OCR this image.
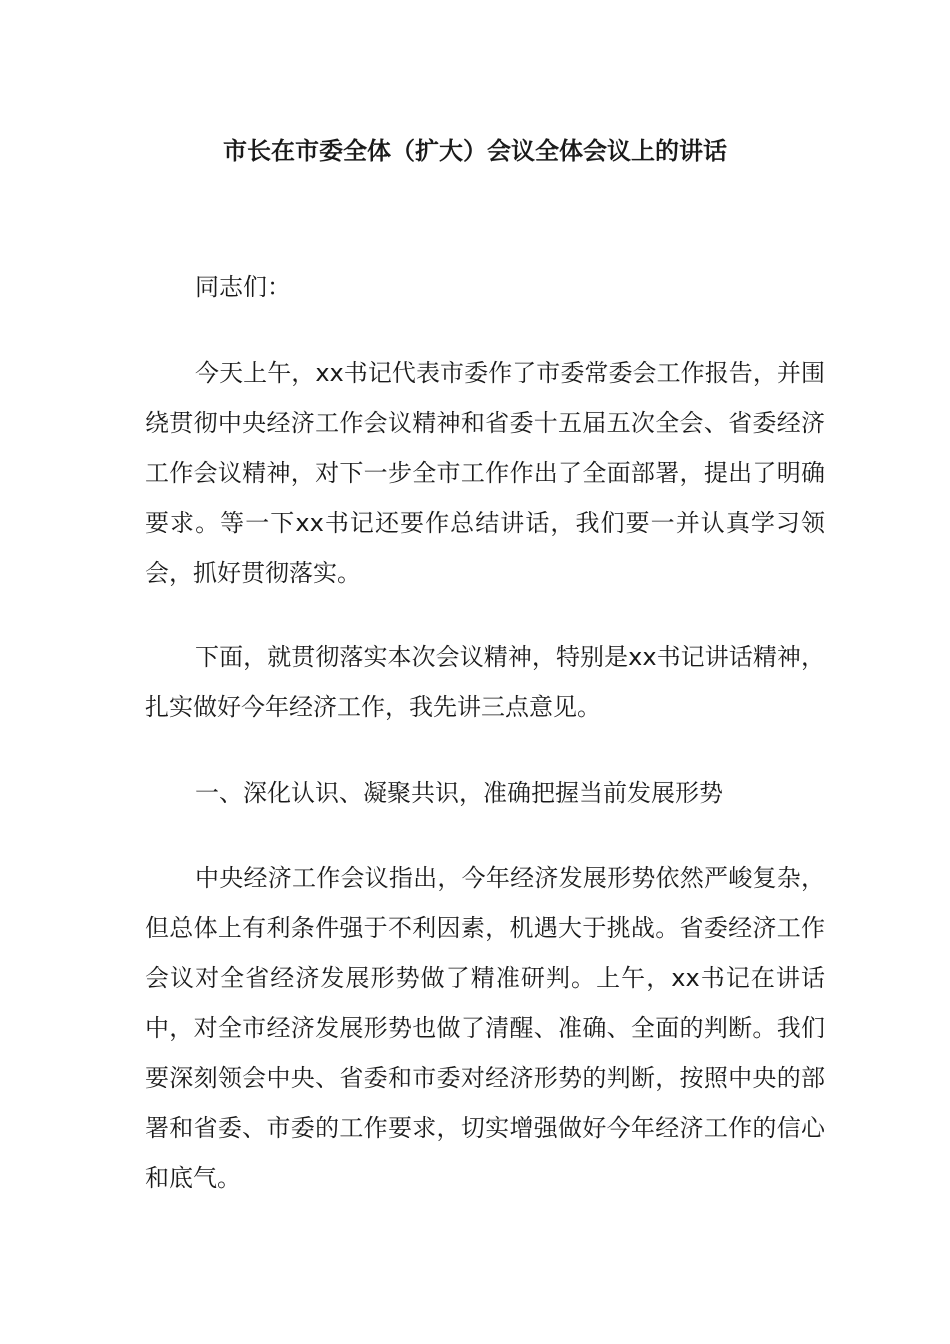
市长在市委全体（扩大）会议全体会议上的讲话

同志们：

今天上午，xx书记代表市委作了市委常委会工作报告，并围绕贯彻中央经济工作会议精神和省委十五届五次全会、省委经济工作会议精神，对下一步全市工作作出了全面部署，提出了明确要求。等一下xx书记还要作总结讲话，我们要一并认真学习领会，抓好贯彻落实。

下面，就贯彻落实本次会议精神，特别是xx书记讲话精神，扎实做好今年经济工作，我先讲三点意见。

一、深化认识、凝聚共识，准确把握当前发展形势

中央经济工作会议指出，今年经济发展形势依然严峻复杂，但总体上有利条件强于不利因素，机遇大于挑战。省委经济工作会议对全省经济发展形势做了精准研判。上午，xx书记在讲话中，对全市经济发展形势也做了清醒、准确、全面的判断。我们要深刻领会中央、省委和市委对经济形势的判断，按照中央的部署和省委、市委的工作要求，切实增强做好今年经济工作的信心和底气。
